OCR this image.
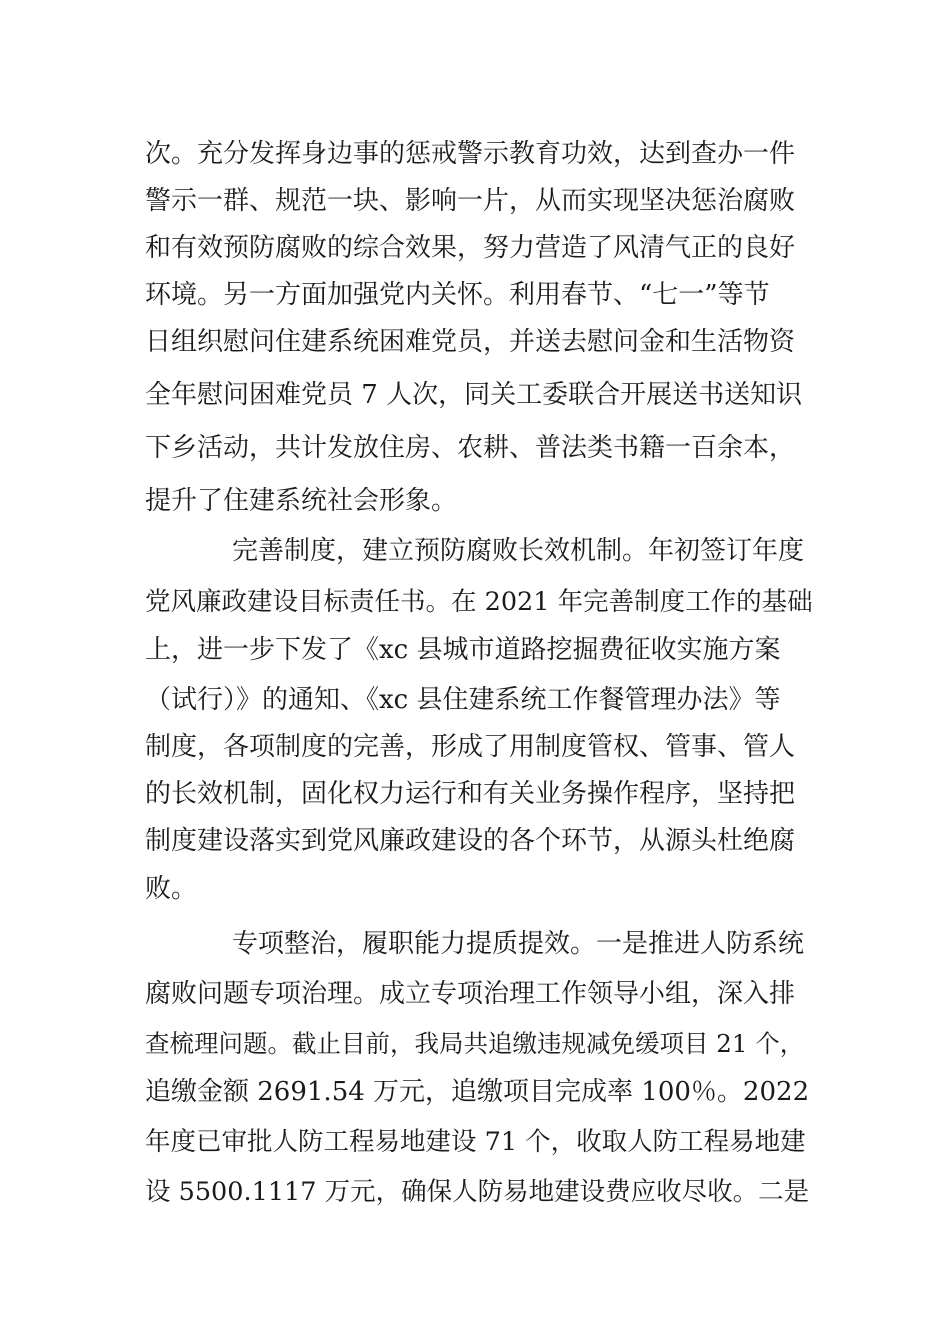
次。充分发挥身边事的惩戒警示教育功效，达到查办一件
警示一群、规范一块、影响一片，从而实现坚决惩治腐败
和有效预防腐败的综合效果，努力营造了风清气正的良好
环境。另一方面加强党内关怀。利用春节、“七一”等节
日组织慰问住建系统困难党员，并送去慰问金和生活物资
全年慰问困难党员 7 人次，同关工委联合开展送书送知识
下乡活动，共计发放住房、农耕、普法类书籍一百余本，
提升了住建系统社会形象。
完善制度，建立预防腐败长效机制。年初签订年度
党风廉政建设目标责任书。在 2021 年完善制度工作的基础
上，进一步下发了《xc 县城市道路挖掘费征收实施方案
（试行）》的通知、《xc 县住建系统工作餐管理办法》等
制度，各项制度的完善，形成了用制度管权、管事、管人
的长效机制，固化权力运行和有关业务操作程序，坚持把
制度建设落实到党风廉政建设的各个环节，从源头杜绝腐
败。
专项整治，履职能力提质提效。一是推进人防系统
腐败问题专项治理。成立专项治理工作领导小组，深入排
查梳理问题。截止目前，我局共追缴违规减免缓项目 21 个，
追缴金额 2691.54 万元，追缴项目完成率 100％。2022
年度已审批人防工程易地建设 71 个，收取人防工程易地建
设 5500.1117 万元，确保人防易地建设费应收尽收。二是
